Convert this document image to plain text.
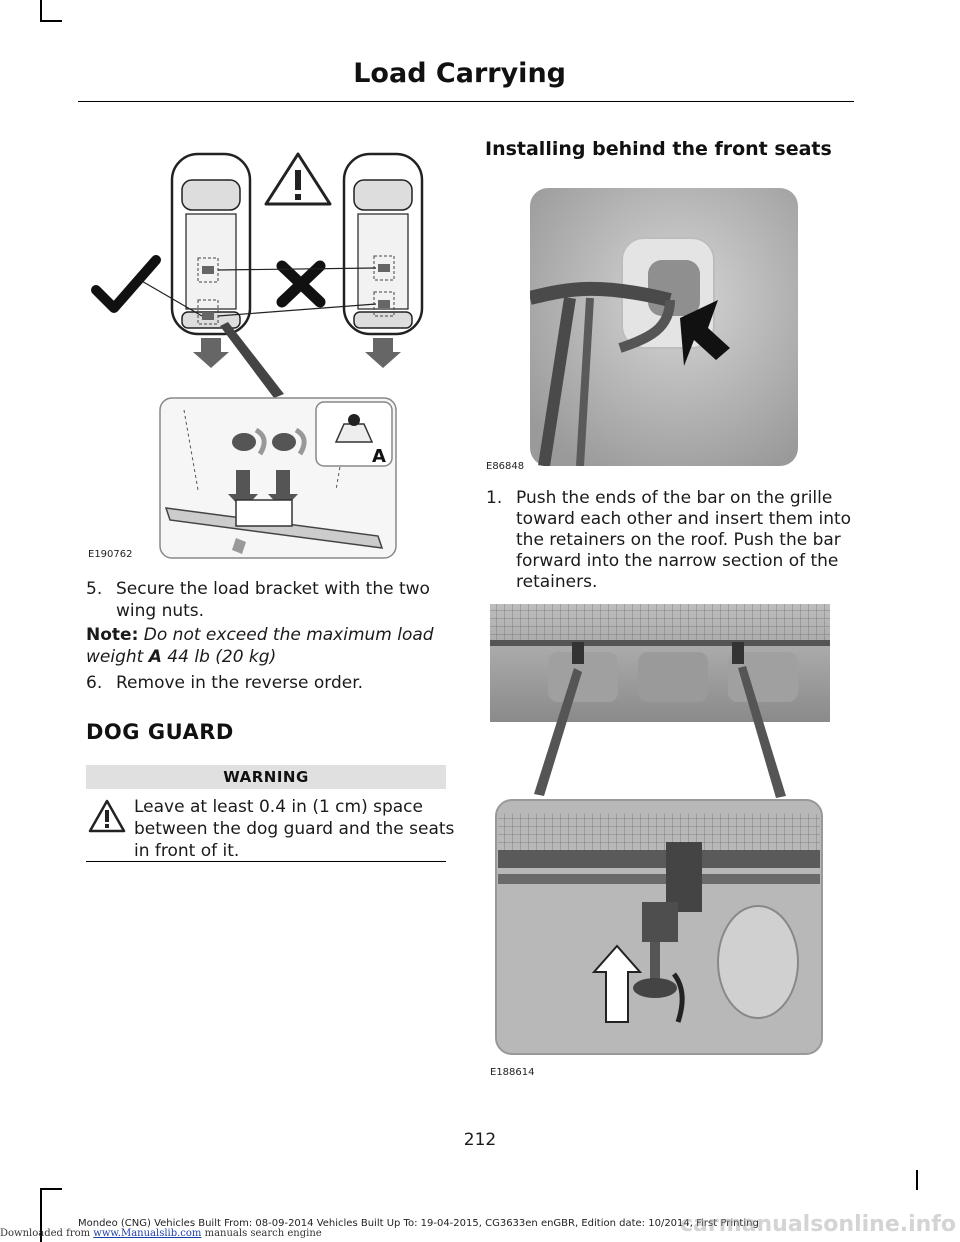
Load Carrying
A
E190762
5. Secure the load bracket with the two
wing nuts.
Note: Do not exceed the maximum load
weight A 44 lb (20 kg)
6. Remove in the reverse order.
DOG GUARD
WARNING
Leave at least 0.4 in (1 cm) space
between the dog guard and the seats
in front of it.
Installing behind the front seats
E86848
1. Push the ends of the bar on the grille
toward each other and insert them into
the retainers on the roof. Push the bar
forward into the narrow section of the
retainers.
E188614
212
Mondeo (CNG) Vehicles Built From: 08-09-2014 Vehicles Built Up To: 19-04-2015, CG3633en enGBR, Edition date: 10/2014, First Printing
Downloaded from www.Manualslib.com manuals search engine	carmanualsonline.info
